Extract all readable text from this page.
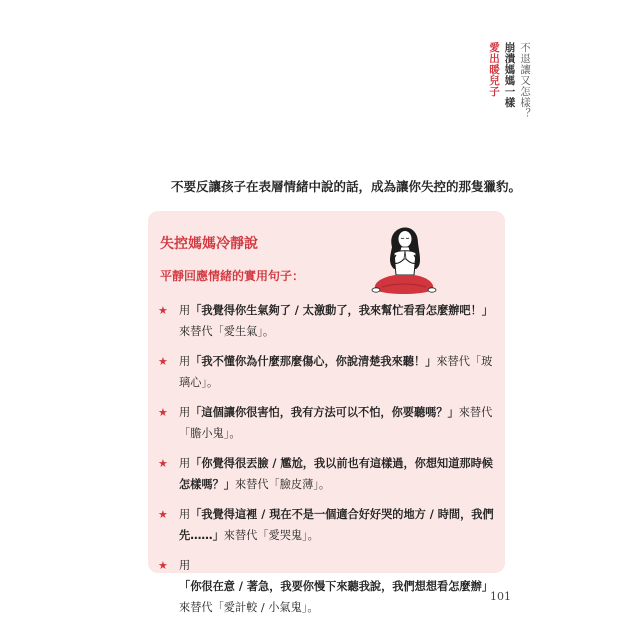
不退讓又怎樣？
崩潰媽媽一樣
愛出暖兒子
不要反讓孩子在表層情緒中說的話，成為讓你失控的那隻獵豹。
失控媽媽冷靜說
平靜回應情緒的實用句子：
★ 用「我覺得你生氣夠了 / 太激動了，我來幫忙看看怎麼辦吧！」來替代「愛生氣」。
★ 用「我不懂你為什麼那麼傷心，你說清楚我來聽！」來替代「玻璃心」。
★ 用「這個讓你很害怕，我有方法可以不怕，你要聽嗎？」來替代「膽小鬼」。
★ 用「你覺得很丟臉 / 尷尬，我以前也有這樣過，你想知道那時候怎樣嗎？」來替代「臉皮薄」。
★ 用「我覺得這裡 / 現在不是一個適合好好哭的地方 / 時間，我們先……」來替代「愛哭鬼」。
★ 用「你很在意 / 著急，我要你慢下來聽我說，我們想想看怎麼辦」來替代「愛計較 / 小氣鬼」。
101
